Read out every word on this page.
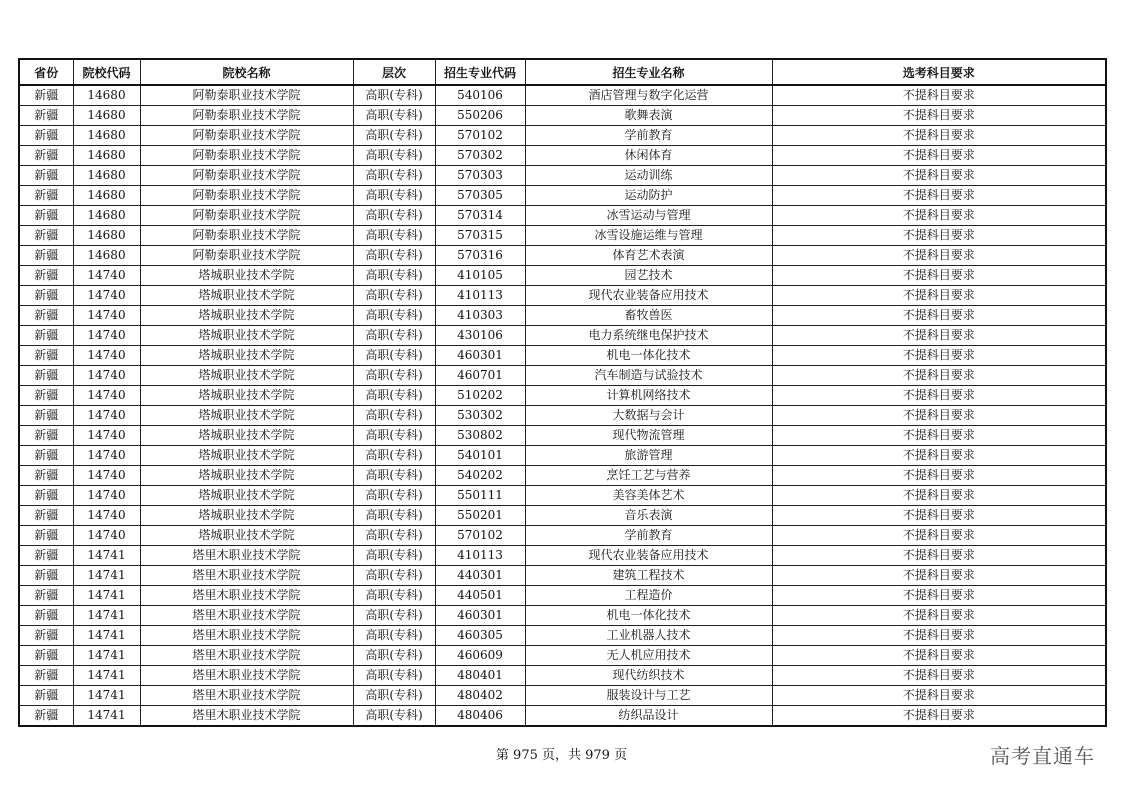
省份	院校代码	院校名称	层次	招生专业代码	招生专业名称	选考科目要求
新疆	14680	阿勒泰职业技术学院	高职(专科)	540106	酒店管理与数字化运营	不提科目要求
新疆	14680	阿勒泰职业技术学院	高职(专科)	550206	歌舞表演	不提科目要求
新疆	14680	阿勒泰职业技术学院	高职(专科)	570102	学前教育	不提科目要求
新疆	14680	阿勒泰职业技术学院	高职(专科)	570302	休闲体育	不提科目要求
新疆	14680	阿勒泰职业技术学院	高职(专科)	570303	运动训练	不提科目要求
新疆	14680	阿勒泰职业技术学院	高职(专科)	570305	运动防护	不提科目要求
新疆	14680	阿勒泰职业技术学院	高职(专科)	570314	冰雪运动与管理	不提科目要求
新疆	14680	阿勒泰职业技术学院	高职(专科)	570315	冰雪设施运维与管理	不提科目要求
新疆	14680	阿勒泰职业技术学院	高职(专科)	570316	体育艺术表演	不提科目要求
新疆	14740	塔城职业技术学院	高职(专科)	410105	园艺技术	不提科目要求
新疆	14740	塔城职业技术学院	高职(专科)	410113	现代农业装备应用技术	不提科目要求
新疆	14740	塔城职业技术学院	高职(专科)	410303	畜牧兽医	不提科目要求
新疆	14740	塔城职业技术学院	高职(专科)	430106	电力系统继电保护技术	不提科目要求
新疆	14740	塔城职业技术学院	高职(专科)	460301	机电一体化技术	不提科目要求
新疆	14740	塔城职业技术学院	高职(专科)	460701	汽车制造与试验技术	不提科目要求
新疆	14740	塔城职业技术学院	高职(专科)	510202	计算机网络技术	不提科目要求
新疆	14740	塔城职业技术学院	高职(专科)	530302	大数据与会计	不提科目要求
新疆	14740	塔城职业技术学院	高职(专科)	530802	现代物流管理	不提科目要求
新疆	14740	塔城职业技术学院	高职(专科)	540101	旅游管理	不提科目要求
新疆	14740	塔城职业技术学院	高职(专科)	540202	烹饪工艺与营养	不提科目要求
新疆	14740	塔城职业技术学院	高职(专科)	550111	美容美体艺术	不提科目要求
新疆	14740	塔城职业技术学院	高职(专科)	550201	音乐表演	不提科目要求
新疆	14740	塔城职业技术学院	高职(专科)	570102	学前教育	不提科目要求
新疆	14741	塔里木职业技术学院	高职(专科)	410113	现代农业装备应用技术	不提科目要求
新疆	14741	塔里木职业技术学院	高职(专科)	440301	建筑工程技术	不提科目要求
新疆	14741	塔里木职业技术学院	高职(专科)	440501	工程造价	不提科目要求
新疆	14741	塔里木职业技术学院	高职(专科)	460301	机电一体化技术	不提科目要求
新疆	14741	塔里木职业技术学院	高职(专科)	460305	工业机器人技术	不提科目要求
新疆	14741	塔里木职业技术学院	高职(专科)	460609	无人机应用技术	不提科目要求
新疆	14741	塔里木职业技术学院	高职(专科)	480401	现代纺织技术	不提科目要求
新疆	14741	塔里木职业技术学院	高职(专科)	480402	服装设计与工艺	不提科目要求
新疆	14741	塔里木职业技术学院	高职(专科)	480406	纺织品设计	不提科目要求
第 975 页，共 979 页	高考直通车
